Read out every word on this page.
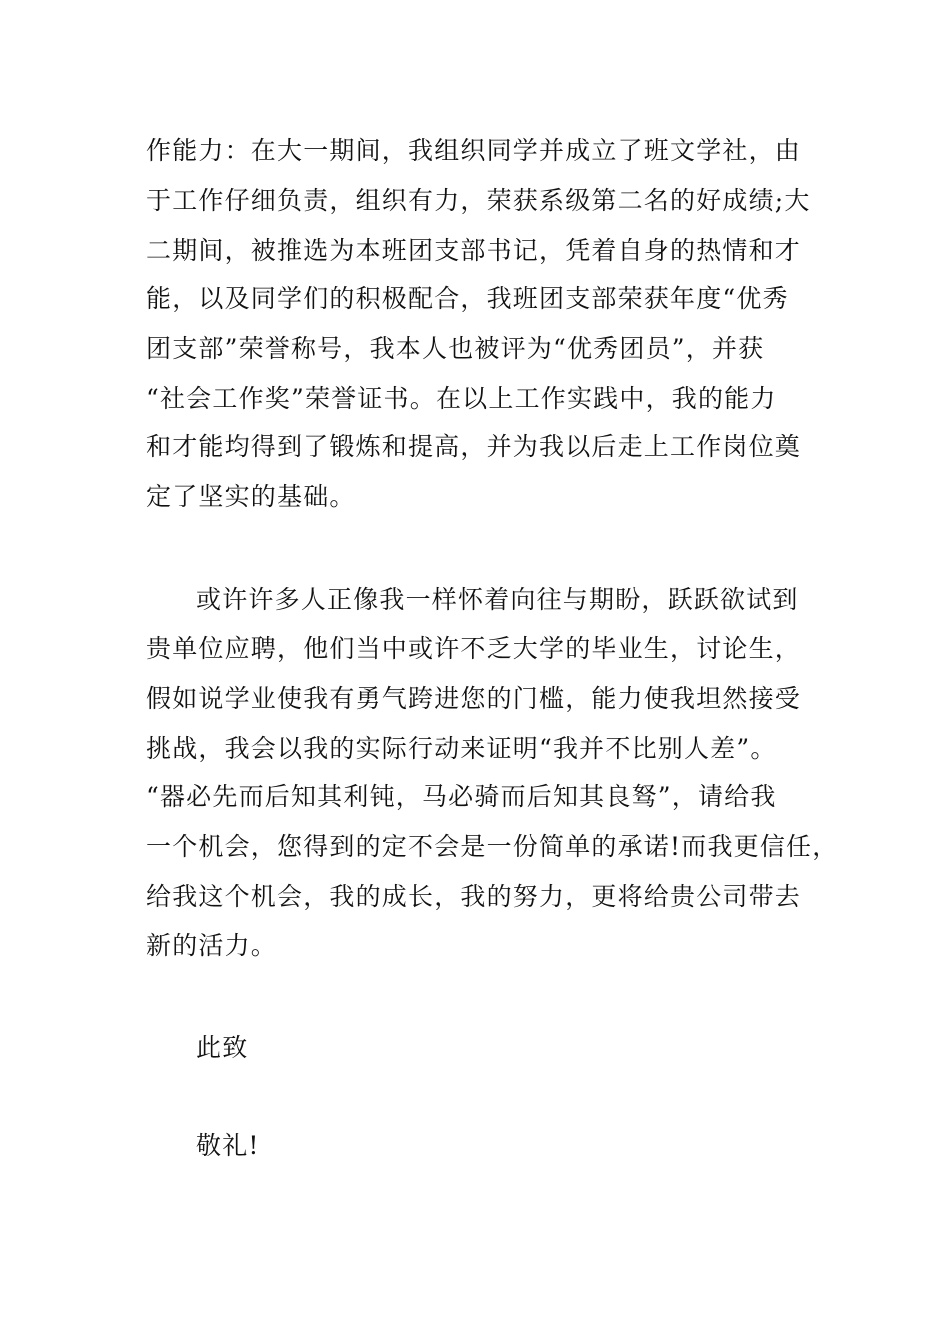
作能力：在大一期间，我组织同学并成立了班文学社，由
于工作仔细负责，组织有力，荣获系级第二名的好成绩;大
二期间，被推选为本班团支部书记，凭着自身的热情和才
能，以及同学们的积极配合，我班团支部荣获年度“优秀
团支部”荣誉称号，我本人也被评为“优秀团员”，并获
“社会工作奖”荣誉证书。在以上工作实践中，我的能力
和才能均得到了锻炼和提高，并为我以后走上工作岗位奠
定了坚实的基础。
或许许多人正像我一样怀着向往与期盼，跃跃欲试到
贵单位应聘，他们当中或许不乏大学的毕业生，讨论生，
假如说学业使我有勇气跨进您的门槛，能力使我坦然接受
挑战，我会以我的实际行动来证明“我并不比别人差”。
“器必先而后知其利钝，马必骑而后知其良驽”，请给我
一个机会，您得到的定不会是一份简单的承诺!而我更信任，
给我这个机会，我的成长，我的努力，更将给贵公司带去
新的活力。
此致
敬礼!
